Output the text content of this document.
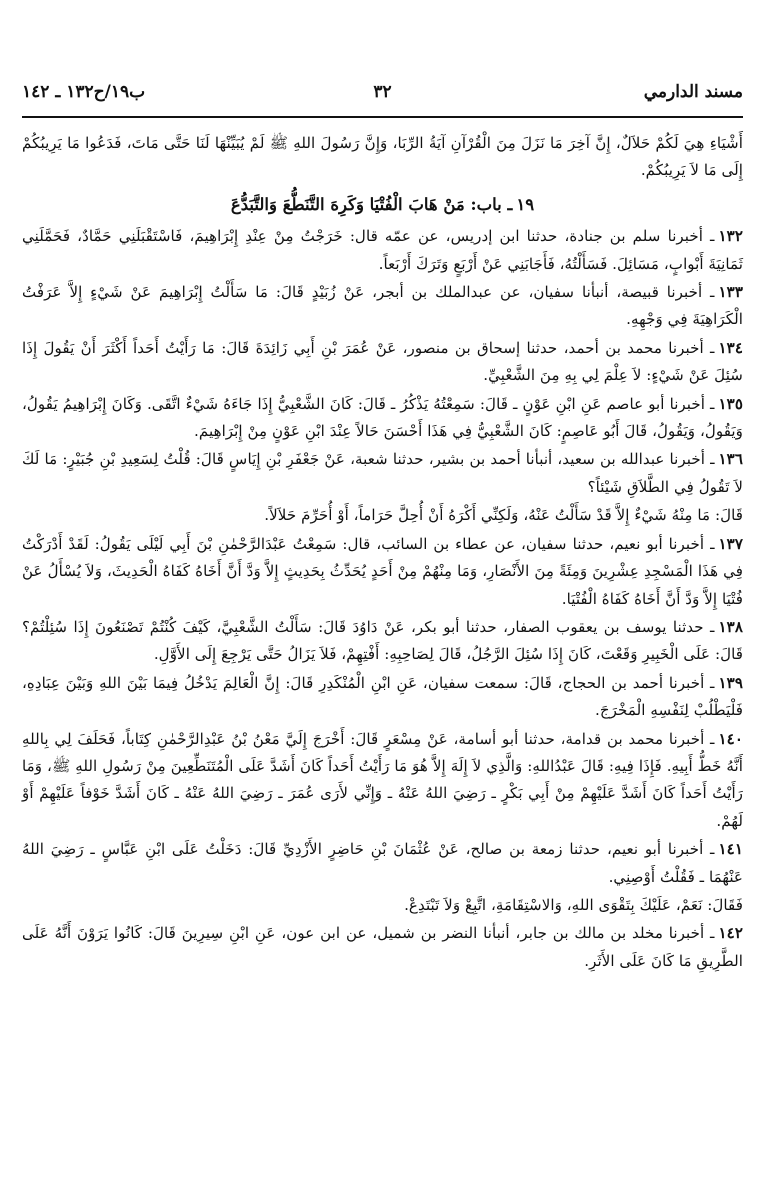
مسند الدارمي
٣٢
ب١٩/ح١٣٢ ـ ١٤٢

أَشْيَاءِ هِيَ لَكُمْ حَلاَلٌ، إِنَّ آخِرَ مَا نَزَلَ مِنَ الْقُرْآنِ آيَةُ الرِّبَا، وَإِنَّ رَسُولَ اللهِ ﷺ لَمْ يُبَيِّنْهَا لَنَا حَتَّى مَاتَ، فَدَعُوا مَا يَرِيبُكُمْ إِلَى مَا لاَ يَرِيبُكُمْ.

١٩ـ باب: مَنْ هَابَ الْفُتْيَا وَكَرِهَ التَّنَطُّعَ وَالتَّبَدُّعَ

١٣٢ـ أخبرنا سلم بن جنادة، حدثنا ابن إدريس، عن عمّه قال: خَرَجْتُ مِنْ عِنْدِ إِبْرَاهِيمَ، فَاسْتَقْبَلَنِي حَمَّادٌ، فَحَمَّلَنِي ثَمَانِيَةَ أَبْوابٍ، مَسَائِلَ. فَسَأَلْتُهُ، فَأَجَابَنِي عَنْ أَرْبَعٍ وَتَرَكَ أَرْبَعاً.

١٣٣ـ أخبرنا قبيصة، أنبأنا سفيان، عن عبدالملك بن أبجر، عَنْ زُبَيْدٍ قَالَ: مَا سَأَلْتُ إِبْرَاهِيمَ عَنْ شَيْءٍ إِلاَّ عَرَفْتُ الْكَرَاهِيَةَ فِي وَجْهِهِ.

١٣٤ـ أخبرنا محمد بن أحمد، حدثنا إسحاق بن منصور، عَنْ عُمَرَ بْنِ أَبِي زَائِدَةَ قَالَ: مَا رَأَيْتُ أَحَداً أَكْثَرَ أَنْ يَقُولَ إِذَا سُئِلَ عَنْ شَيْءٍ: لاَ عِلْمَ لِي بِهِ مِنَ الشَّعْبِيِّ.

١٣٥ـ أخبرنا أبو عاصم عَنِ ابْنِ عَوْنٍ ـ قَالَ: سَمِعْتُهُ يَذْكُرُ ـ قَالَ: كَانَ الشَّعْبِيُّ إِذَا جَاءَهُ شَيْءٌ اتَّقَى. وَكَانَ إِبْرَاهِيمُ يَقُولُ، وَيَقُولُ، وَيَقُولُ، قَالَ أَبُو عَاصِمٍ: كَانَ الشَّعْبِيُّ فِي هَذَا أَحْسَنَ حَالاً عِنْدَ ابْنِ عَوْنٍ مِنْ إِبْرَاهِيمَ.

١٣٦ـ أخبرنا عبدالله بن سعيد، أنبأنا أحمد بن بشير، حدثنا شعبة، عَنْ جَعْفَرِ بْنِ إِيَاسٍ قَالَ: قُلْتُ لِسَعِيدِ بْنِ جُبَيْرٍ: مَا لَكَ لاَ تَقُولُ فِي الطَّلاَقِ شَيْئاً؟

قَالَ: مَا مِنْهُ شَيْءٌ إِلاَّ قَدْ سَأَلْتُ عَنْهُ، وَلَكِنِّي أَكْرَهُ أَنْ أُحِلَّ حَرَاماً، أَوْ أُحَرِّمَ حَلاَلاً.

١٣٧ـ أخبرنا أبو نعيم، حدثنا سفيان، عن عطاء بن السائب، قال: سَمِعْتُ عَبْدَالرَّحْمٰنِ بْنَ أَبِي لَيْلَى يَقُولُ: لَقَدْ أَدْرَكْتُ فِي هَذَا الْمَسْجِدِ عِشْرِينَ وَمِئَةً مِنَ الأَنْصَارِ، وَمَا مِنْهُمْ مِنْ أَحَدٍ يُحَدِّثُ بِحَدِيثٍ إِلاَّ وَدَّ أَنَّ أَخَاهُ كَفَاهُ الْحَدِيثَ، وَلاَ يُسْأَلُ عَنْ فُتْيَا إِلاَّ وَدَّ أَنَّ أَخَاهُ كَفَاهُ الْفُتْيَا.

١٣٨ـ حدثنا يوسف بن يعقوب الصفار، حدثنا أبو بكر، عَنْ دَاوُدَ قَالَ: سَأَلْتُ الشَّعْبِيَّ، كَيْفَ كُنْتُمْ تَصْنَعُونَ إِذَا سُئِلْتُمْ؟ قَالَ: عَلَى الْخَبِيرِ وَقَعْتَ، كَانَ إِذَا سُئِلَ الرَّجُلُ، قَالَ لِصَاحِبِهِ: أَفْتِهِمْ، فَلاَ يَزَالُ حَتَّى يَرْجِعَ إِلَى الأَوَّلِ.

١٣٩ـ أخبرنا أحمد بن الحجاج، قَالَ: سمعت سفيان، عَنِ ابْنِ الْمُنْكَدِرِ قَالَ: إِنَّ الْعَالِمَ يَدْخُلُ فِيمَا بَيْنَ اللهِ وَبَيْنَ عِبَادِهِ، فَلْيَطْلُبْ لِنَفْسِهِ الْمَخْرَجَ.

١٤٠ـ أخبرنا محمد بن قدامة، حدثنا أبو أسامة، عَنْ مِسْعَرٍ قَالَ: أَخْرَجَ إِلَيَّ مَعْنُ بْنُ عَبْدِالرَّحْمٰنِ كِتَاباً، فَحَلَفَ لِي بِاللهِ أَنَّهُ خَطُّ أَبِيهِ. فَإِذَا فِيهِ: قَالَ عَبْدُاللهِ: وَالَّذِي لاَ إِلَهَ إِلاَّ هُوَ مَا رَأَيْتُ أَحَداً كَانَ أَشَدَّ عَلَى الْمُتَنَطِّعِينَ مِنْ رَسُولِ اللهِ ﷺ، وَمَا رَأَيْتُ أَحَداً كَانَ أَشَدَّ عَلَيْهِمْ مِنْ أَبِي بَكْرٍ ـ رَضِيَ اللهُ عَنْهُ ـ وَإِنِّي لأَرَى عُمَرَ ـ رَضِيَ اللهُ عَنْهُ ـ كَانَ أَشَدَّ خَوْفاً عَلَيْهِمْ أَوْ لَهُمْ.

١٤١ـ أخبرنا أبو نعيم، حدثنا زمعة بن صالح، عَنْ عُثْمَانَ بْنِ حَاضِرٍ الأَزْدِيِّ قَالَ: دَخَلْتُ عَلَى ابْنِ عَبَّاسٍ ـ رَضِيَ اللهُ عَنْهُمَا ـ فَقُلْتُ أَوْصِنِي.

فَقَالَ: نَعَمْ، عَلَيْكَ بِتَقْوَى اللهِ، وَالاسْتِقَامَةِ، اتَّبِعْ وَلاَ تَبْتَدِعْ.

١٤٢ـ أخبرنا مخلد بن مالك بن جابر، أنبأنا النضر بن شميل، عن ابن عون، عَنِ ابْنِ سِيرِينَ قَالَ: كَانُوا يَرَوْنَ أَنَّهُ عَلَى الطَّرِيقِ مَا كَانَ عَلَى الأَثَرِ.
